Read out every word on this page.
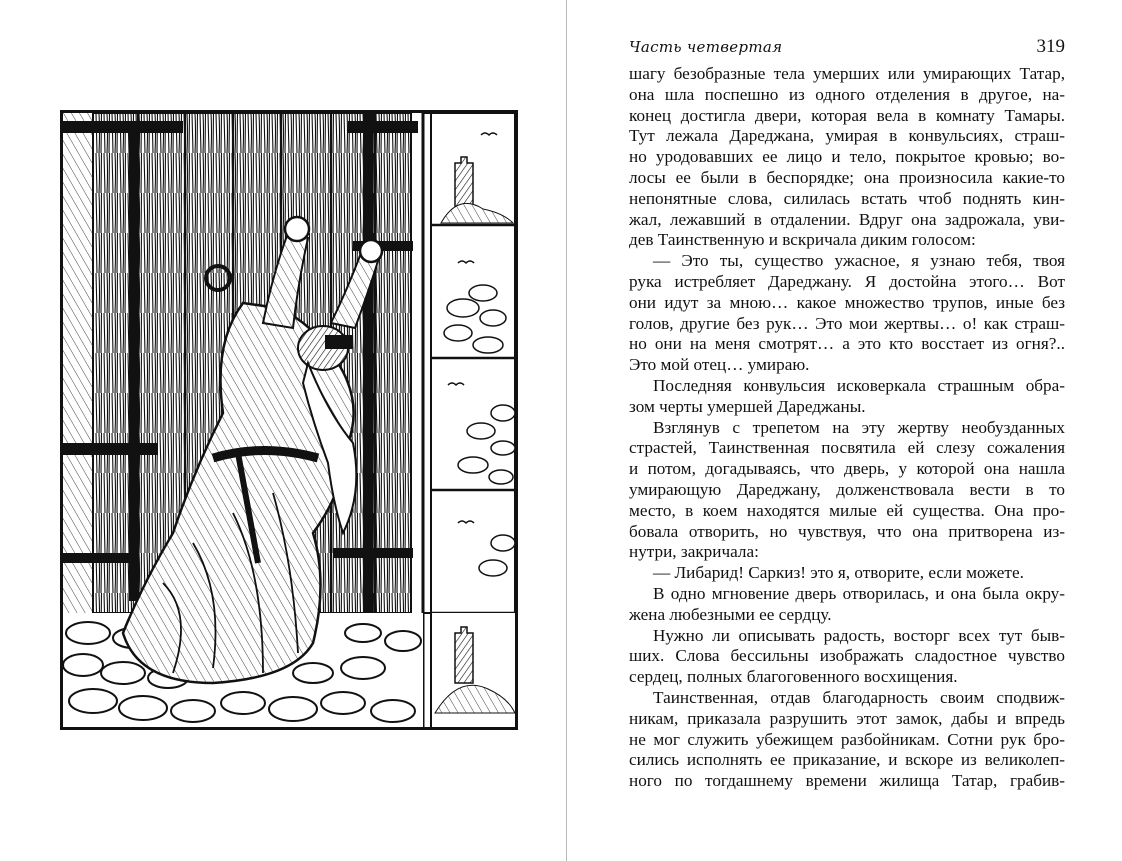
Часть четвертая	319
шагу безобразные тела умерших или умирающих Татар,
она шла поспешно из одного отделения в другое, на-
конец достигла двери, которая вела в комнату Тамары.
Тут лежала Дареджана, умирая в конвульсиях, страш-
но уродовавших ее лицо и тело, покрытое кровью; во-
лосы ее были в беспорядке; она произносила какие-то
непонятные слова, силилась встать чтоб поднять кин-
жал, лежавший в отдалении. Вдруг она задрожала, уви-
дев Таинственную и вскричала диким голосом:
— Это ты, существо ужасное, я узнаю тебя, твоя
рука истребляет Дареджану. Я достойна этого… Вот
они идут за мною… какое множество трупов, иные без
голов, другие без рук… Это мои жертвы… о! как страш-
но они на меня смотрят… а это кто восстает из огня?..
Это мой отец… умираю.
Последняя конвульсия исковеркала страшным обра-
зом черты умершей Дареджаны.
Взглянув с трепетом на эту жертву необузданных
страстей, Таинственная посвятила ей слезу сожаления
и потом, догадываясь, что дверь, у которой она нашла
умирающую Дареджану, долженствовала вести в то
место, в коем находятся милые ей существа. Она про-
бовала отворить, но чувствуя, что она притворена из-
нутри, закричала:
— Либарид! Саркиз! это я, отворите, если можете.
В одно мгновение дверь отворилась, и она была окру-
жена любезными ее сердцу.
Нужно ли описывать радость, восторг всех тут быв-
ших. Слова бессильны изображать сладостное чувство
сердец, полных благоговенного восхищения.
Таинственная, отдав благодарность своим сподвиж-
никам, приказала разрушить этот замок, дабы и впредь
не мог служить убежищем разбойникам. Сотни рук бро-
сились исполнять ее приказание, и вскоре из великолеп-
ного по тогдашнему времени жилища Татар, грабив-
